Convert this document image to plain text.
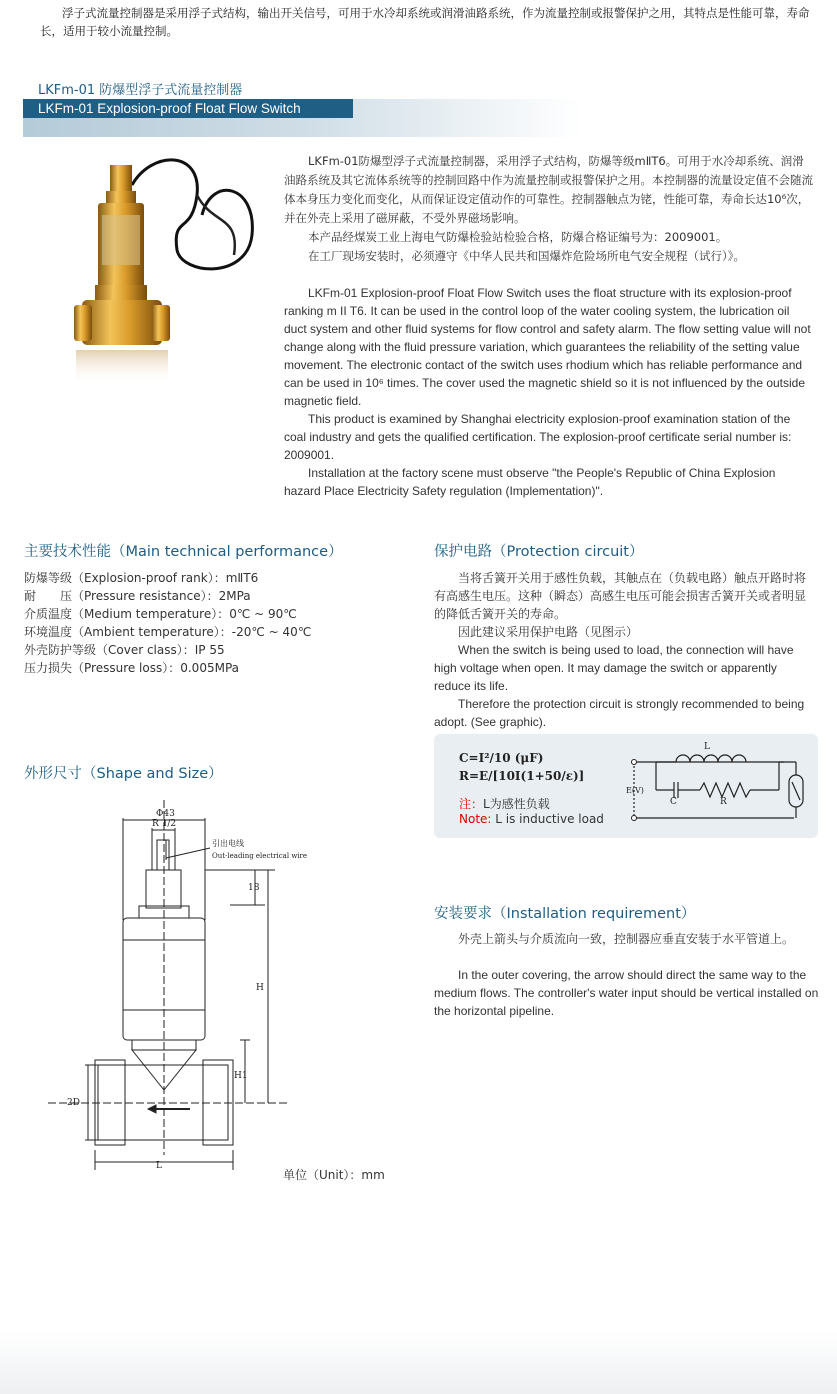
浮子式流量控制器是采用浮子式结构，输出开关信号，可用于水冷却系统或润滑油路系统，作为流量控制或报警保护之用，其特点是性能可靠，寿命长，适用于较小流量控制。
LKFm-01 防爆型浮子式流量控制器
LKFm-01 Explosion-proof Float Flow Switch

LKFm-01防爆型浮子式流量控制器，采用浮子式结构，防爆等级mⅡT6。可用于水冷却系统、润滑油路系统及其它流体系统等的控制回路中作为流量控制或报警保护之用。本控制器的流量设定值不会随流体本身压力变化而变化，从而保证设定值动作的可靠性。控制器触点为铑，性能可靠，寿命长达10⁶次，并在外壳上采用了磁屏蔽，不受外界磁场影响。

本产品经煤炭工业上海电气防爆检验站检验合格，防爆合格证编号为：2009001。

在工厂现场安装时，必须遵守《中华人民共和国爆炸危险场所电气安全规程（试行）》。

LKFm-01 Explosion-proof Float Flow Switch uses the float structure with its explosion-proof ranking m II T6. It can be used in the control loop of the water cooling system, the lubrication oil duct system and other fluid systems for flow control and safety alarm. The flow setting value will not change along with the fluid pressure variation, which guarantees the reliability of the setting value movement. The electronic contact of the switch uses rhodium which has reliable performance and can be used in 10⁶ times. The cover used the magnetic shield so it is not influenced by the outside magnetic field.

This product is examined by Shanghai electricity explosion-proof examination station of the coal industry and gets the qualified certification. The explosion-proof certificate serial number is: 2009001.

Installation at the factory scene must observe "the People's Republic of China Explosion hazard Place Electricity Safety regulation (Implementation)".

主要技术性能（Main technical performance）
防爆等级（Explosion-proof rank）：mⅡT6
耐　　压（Pressure resistance）：2MPa
介质温度（Medium temperature）：0℃ ~ 90℃
环境温度（Ambient temperature）：-20℃ ~ 40℃
外壳防护等级（Cover class）：IP 55
压力损失（Pressure loss）：0.005MPa
保护电路（Protection circuit）

当将舌簧开关用于感性负载，其触点在（负载电路）触点开路时将有高感生电压。这种（瞬态）高感生电压可能会损害舌簧开关或者明显的降低舌簧开关的寿命。

因此建议采用保护电路（见图示）

When the switch is being used to load, the connection will have high voltage when open. It may damage the switch or apparently reduce its life.

Therefore the protection circuit is strongly recommended to being adopt. (See graphic).

C=I²/10 (μF)
R=E/[10I(1+50/ε)]
注：L为感性负载
Note: L is inductive load
L
C	R
E(V)
外形尺寸（Shape and Size）
Φ43
R 1/2
引出电线
Out-leading electrical wire
18
H
H1
2D
L
单位（Unit）：mm
安装要求（Installation requirement）

外壳上箭头与介质流向一致，控制器应垂直安装于水平管道上。

In the outer covering, the arrow should direct the same way to the medium flows. The controller's water input should be vertical installed on the horizontal pipeline.
